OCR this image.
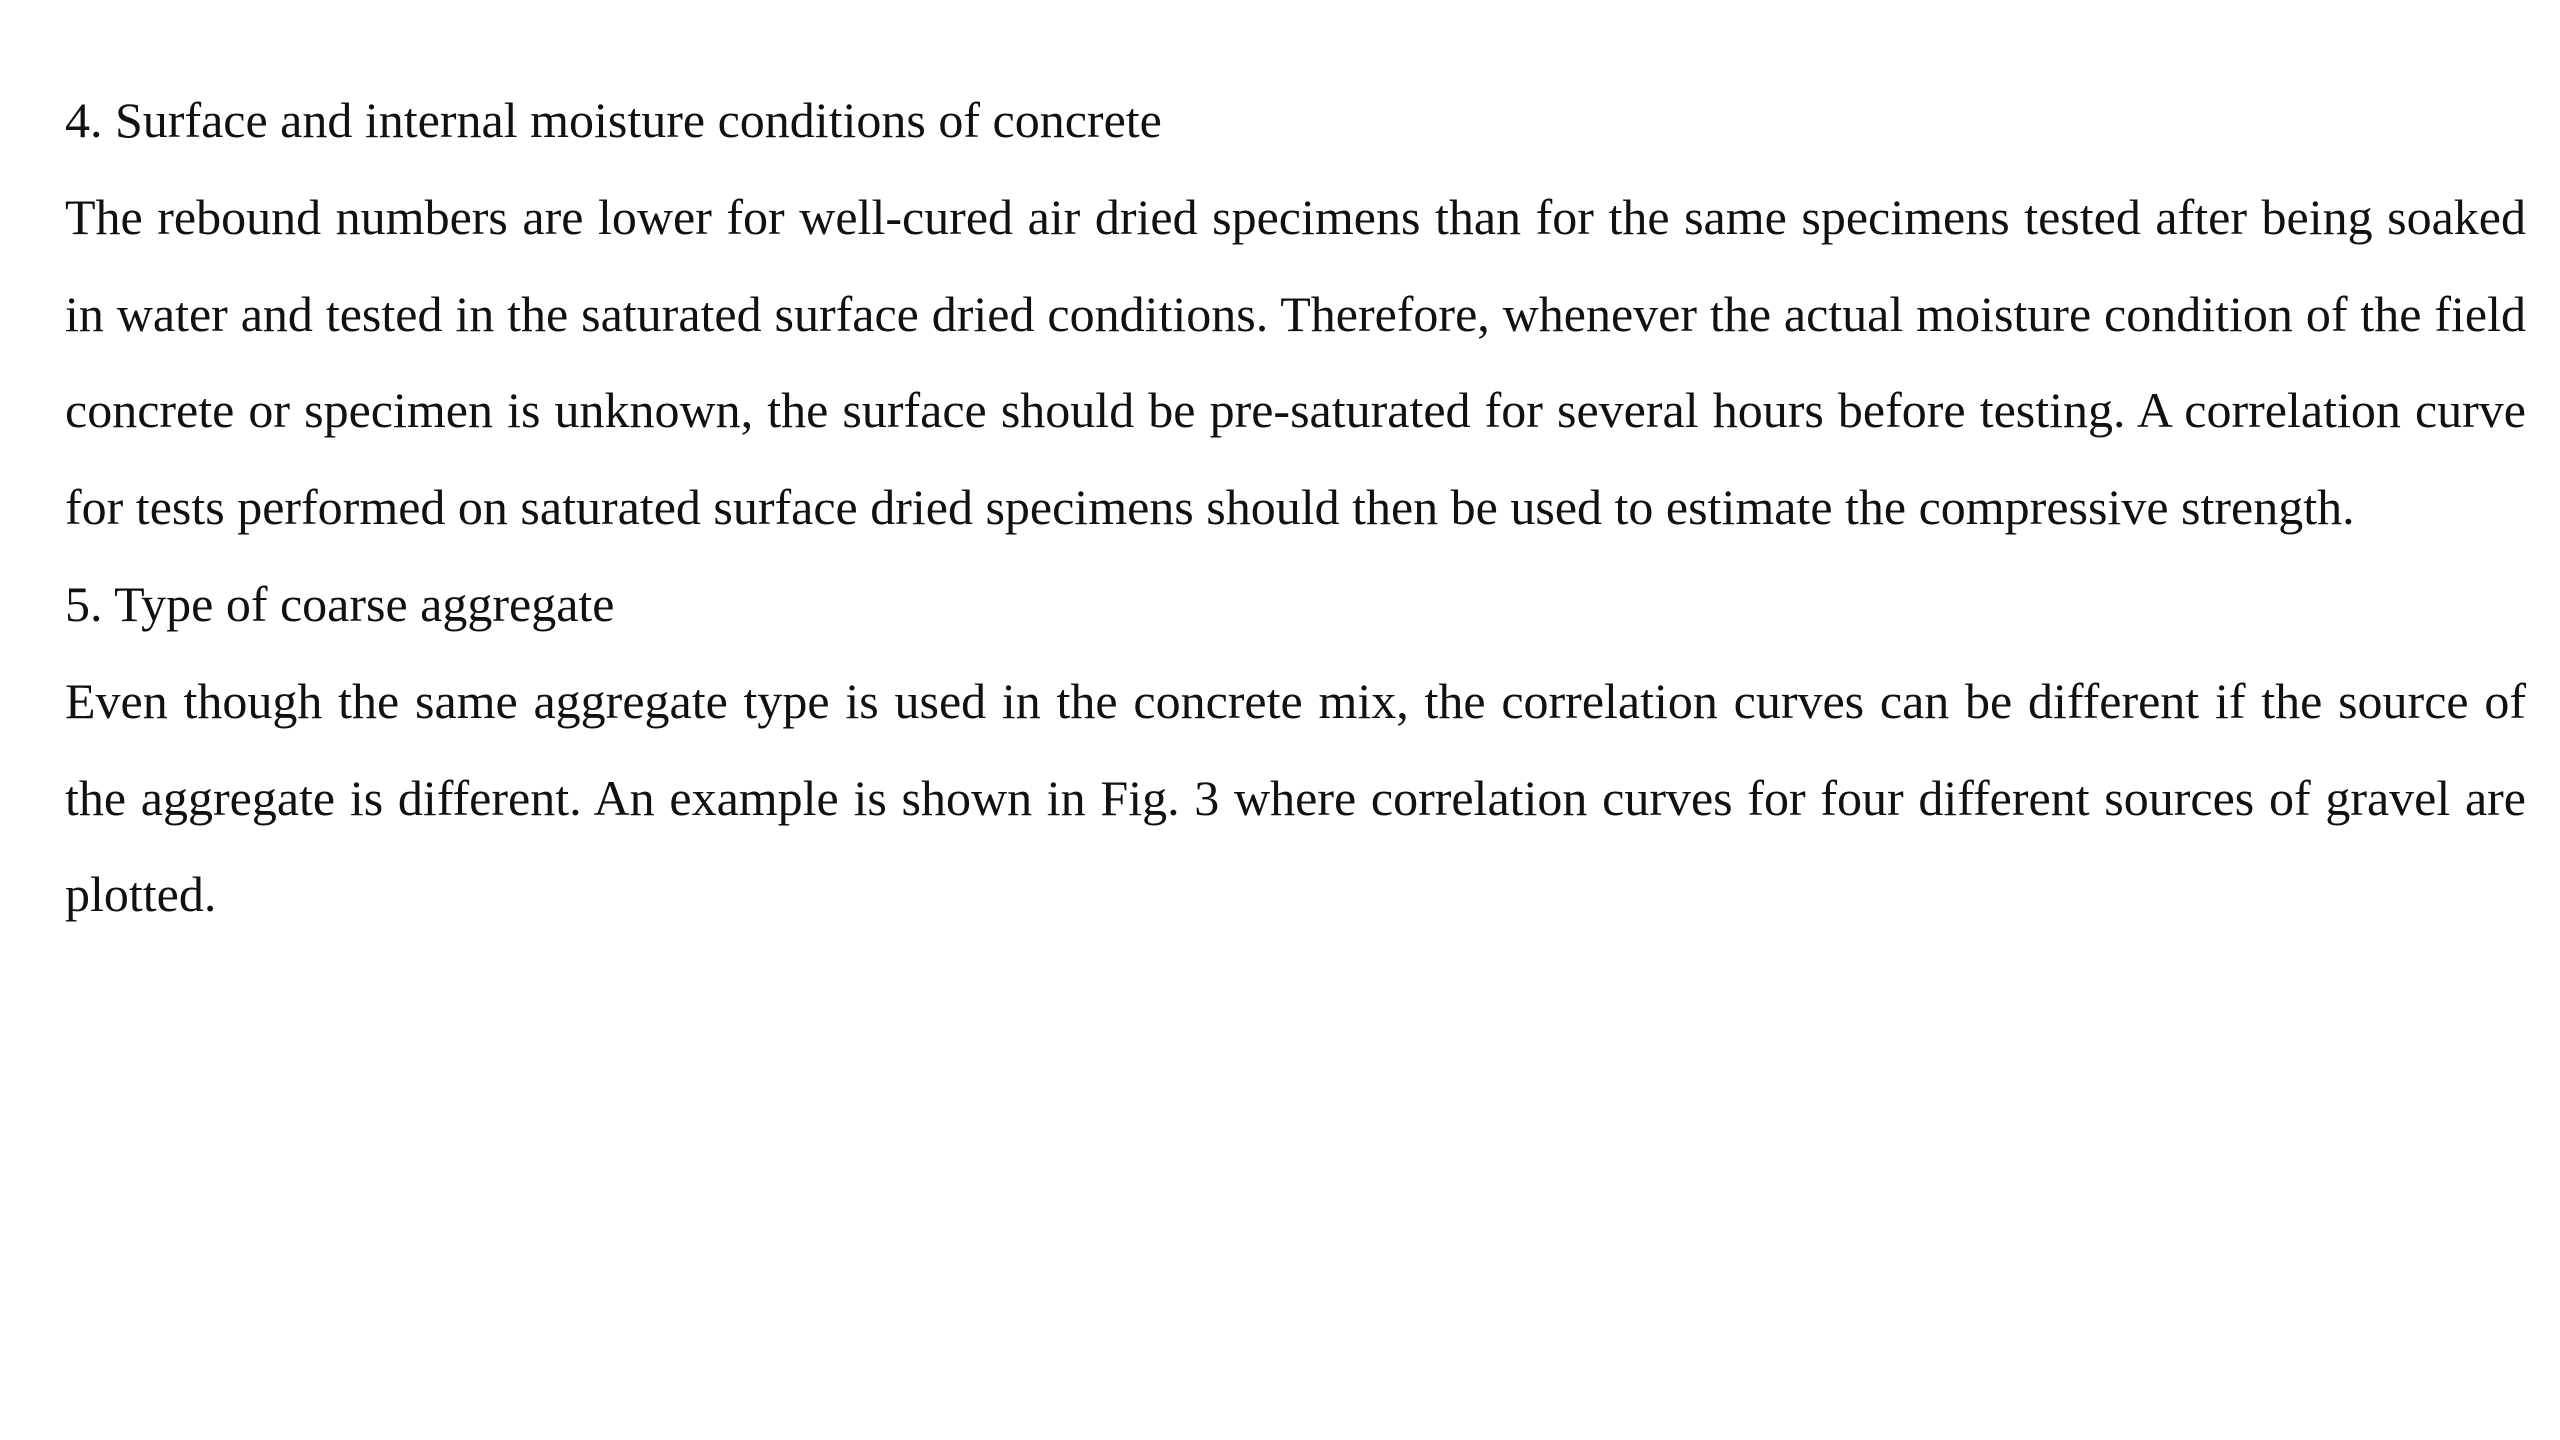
4. Surface and internal moisture conditions of concrete

The rebound numbers are lower for well-cured air dried specimens than for the same specimens tested after being soaked in water and tested in the saturated surface dried conditions. Therefore, whenever the actual moisture condition of the field concrete or specimen is unknown, the surface should be pre-saturated for several hours before testing. A correlation curve for tests performed on saturated surface dried specimens should then be used to estimate the compressive strength.

5. Type of coarse aggregate

Even though the same aggregate type is used in the concrete mix, the correlation curves can be different if the source of the aggregate is different. An example is shown in Fig. 3 where correlation curves for four different sources of gravel are plotted.
